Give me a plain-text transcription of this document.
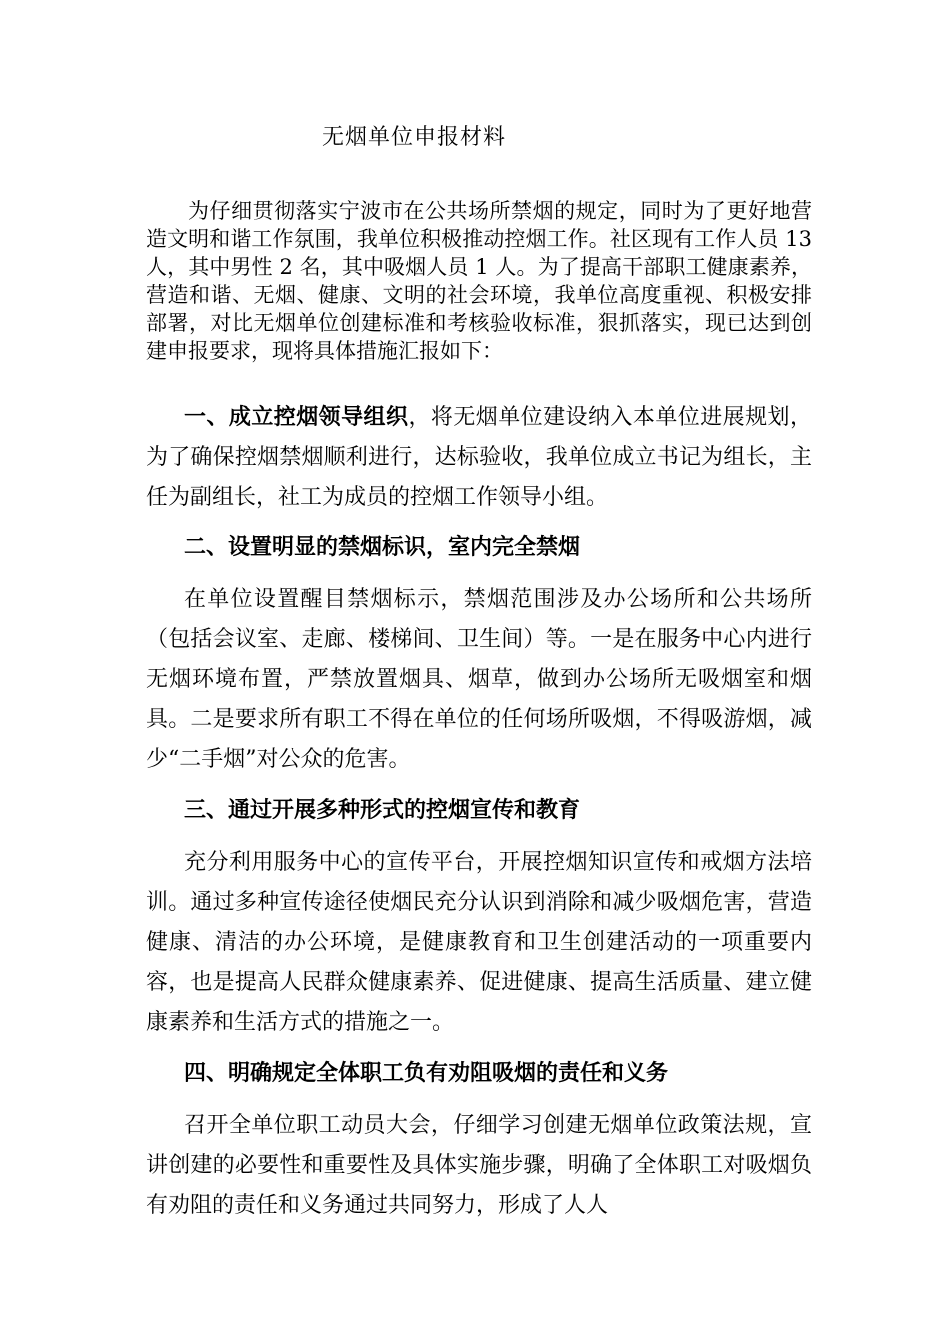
无烟单位申报材料

为仔细贯彻落实宁波市在公共场所禁烟的规定，同时为了更好地营造文明和谐工作氛围，我单位积极推动控烟工作。社区现有工作人员 13 人，其中男性 2 名，其中吸烟人员 1 人。为了提高干部职工健康素养，营造和谐、无烟、健康、文明的社会环境，我单位高度重视、积极安排部署，对比无烟单位创建标准和考核验收标准，狠抓落实，现已达到创建申报要求，现将具体措施汇报如下：

一、成立控烟领导组织，将无烟单位建设纳入本单位进展规划，为了确保控烟禁烟顺利进行，达标验收，我单位成立书记为组长，主任为副组长，社工为成员的控烟工作领导小组。

二、设置明显的禁烟标识，室内完全禁烟

在单位设置醒目禁烟标示，禁烟范围涉及办公场所和公共场所（包括会议室、走廊、楼梯间、卫生间）等。一是在服务中心内进行无烟环境布置，严禁放置烟具、烟草，做到办公场所无吸烟室和烟具。二是要求所有职工不得在单位的任何场所吸烟，不得吸游烟，减少“二手烟”对公众的危害。

三、通过开展多种形式的控烟宣传和教育

充分利用服务中心的宣传平台，开展控烟知识宣传和戒烟方法培训。通过多种宣传途径使烟民充分认识到消除和减少吸烟危害，营造健康、清洁的办公环境，是健康教育和卫生创建活动的一项重要内容，也是提高人民群众健康素养、促进健康、提高生活质量、建立健康素养和生活方式的措施之一。

四、明确规定全体职工负有劝阻吸烟的责任和义务

召开全单位职工动员大会，仔细学习创建无烟单位政策法规，宣讲创建的必要性和重要性及具体实施步骤，明确了全体职工对吸烟负有劝阻的责任和义务通过共同努力，形成了人人
